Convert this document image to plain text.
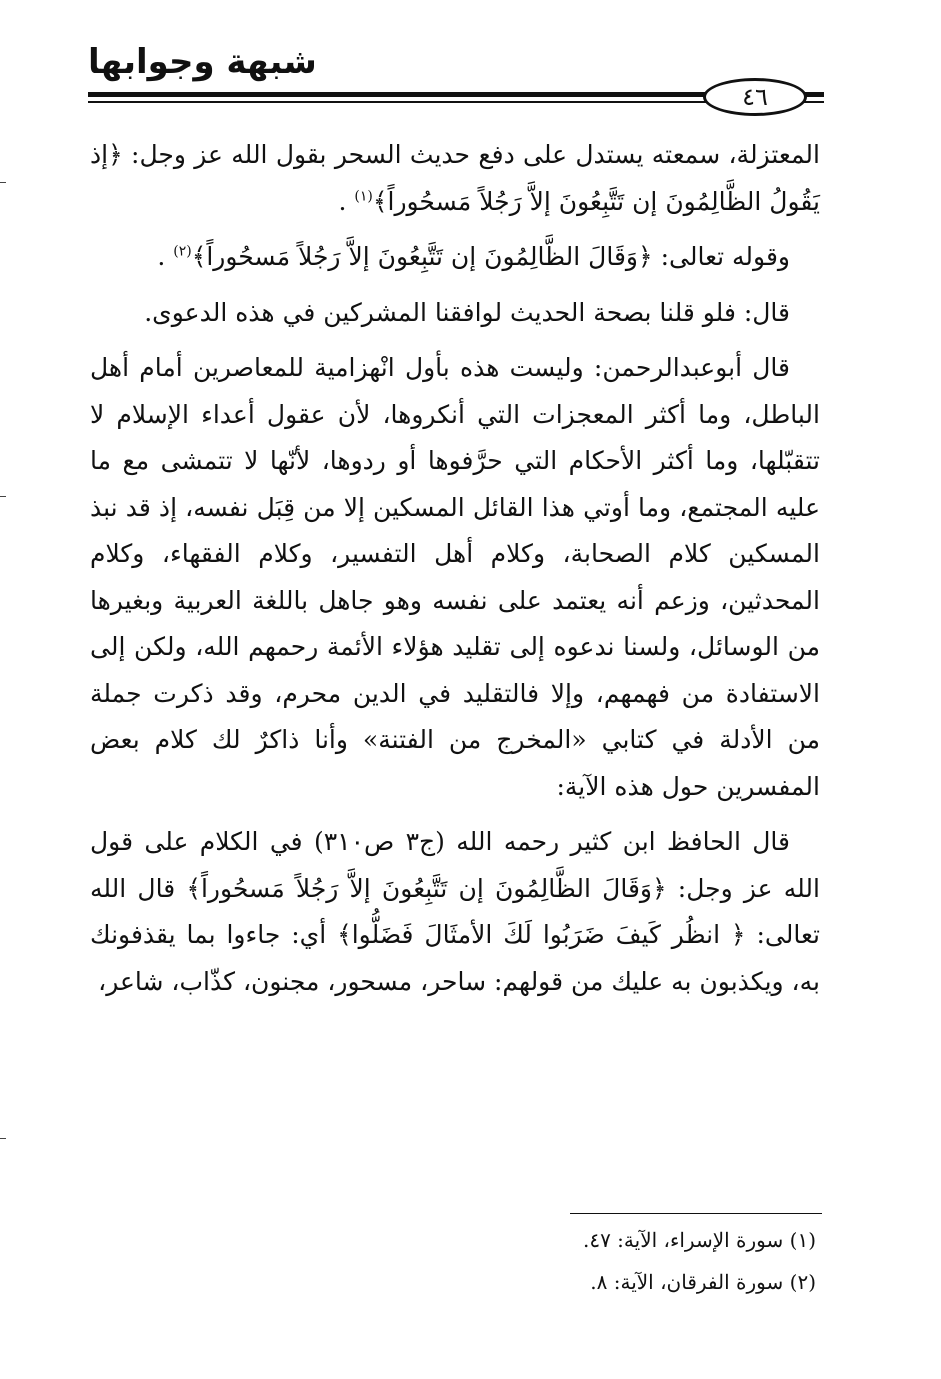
شبهة وجوابها
٤٦

المعتزلة، سمعته يستدل على دفع حديث السحر بقول الله عز وجل: ﴿إذ يَقُولُ الظَّالِمُونَ إن تَتَّبِعُونَ إلاَّ رَجُلاً مَسحُوراً﴾$^{(١)}$ .

وقوله تعالى: ﴿وَقَالَ الظَّالِمُونَ إن تَتَّبِعُونَ إلاَّ رَجُلاً مَسحُوراً﴾$^{(٢)}$ .

قال: فلو قلنا بصحة الحديث لوافقنا المشركين في هذه الدعوى.

قال أبوعبدالرحمن: وليست هذه بأول انْهزامية للمعاصرين أمام أهل الباطل، وما أكثر المعجزات التي أنكروها، لأن عقول أعداء الإسلام لا تتقبّلها، وما أكثر الأحكام التي حرَّفوها أو ردوها، لأنّها لا تتمشى مع ما عليه المجتمع، وما أوتي هذا القائل المسكين إلا من قِبَل نفسه، إذ قد نبذ المسكين كلام الصحابة، وكلام أهل التفسير، وكلام الفقهاء، وكلام المحدثين، وزعم أنه يعتمد على نفسه وهو جاهل باللغة العربية وبغيرها من الوسائل، ولسنا ندعوه إلى تقليد هؤلاء الأئمة رحمهم الله، ولكن إلى الاستفادة من فهمهم، وإلا فالتقليد في الدين محرم، وقد ذكرت جملة من الأدلة في كتابي «المخرج من الفتنة» وأنا ذاكرٌ لك كلام بعض المفسرين حول هذه الآية:

قال الحافظ ابن كثير رحمه الله (ج٣ ص٣١٠) في الكلام على قول الله عز وجل: ﴿وَقَالَ الظَّالِمُونَ إن تَتَّبِعُونَ إلاَّ رَجُلاً مَسحُوراً﴾ قال الله تعالى: ﴿ انظُر كَيفَ ضَرَبُوا لَكَ الأمثَالَ فَضَلُّوا﴾ أي: جاءوا بما يقذفونك به، ويكذبون به عليك من قولهم: ساحر، مسحور، مجنون، كذّاب، شاعر،

(١) سورة الإسراء، الآية: ٤٧.

(٢) سورة الفرقان، الآية: ٨.
